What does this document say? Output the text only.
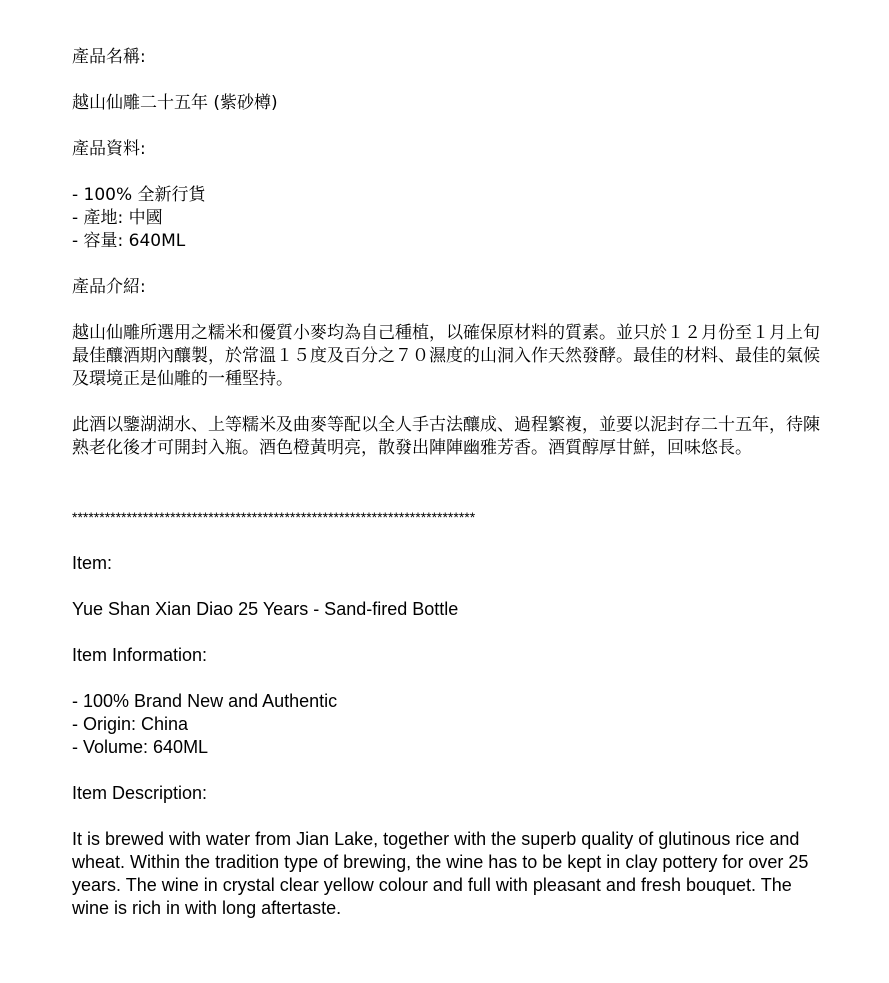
產品名稱:

越山仙雕二十五年 (紫砂樽)

產品資料:

- 100% 全新行貨
- 產地: 中國
- 容量: 640ML

產品介紹:

越山仙雕所選用之糯米和優質小麥均為自己種植，以確保原材料的質素。並只於１２月份至１月上旬最佳釀酒期內釀製，於常溫１５度及百分之７０濕度的山洞入作天然發酵。最佳的材料、最佳的氣候及環境正是仙雕的一種堅持。

此酒以鑒湖湖水、上等糯米及曲麥等配以全人手古法釀成、過程繁複，並要以泥封存二十五年，待陳熟老化後才可開封入瓶。酒色橙黃明亮，散發出陣陣幽雅芳香。酒質醇厚甘鮮，回味悠長。

**************************************************************************

Item:

Yue Shan Xian Diao 25 Years - Sand-fired Bottle

Item Information:

- 100% Brand New and Authentic
- Origin: China
- Volume: 640ML

Item Description:

It is brewed with water from Jian Lake, together with the superb quality of glutinous rice and wheat. Within the tradition type of brewing, the wine has to be kept in clay pottery for over 25 years. The wine in crystal clear yellow colour and full with pleasant and fresh bouquet. The wine is rich in with long aftertaste.
